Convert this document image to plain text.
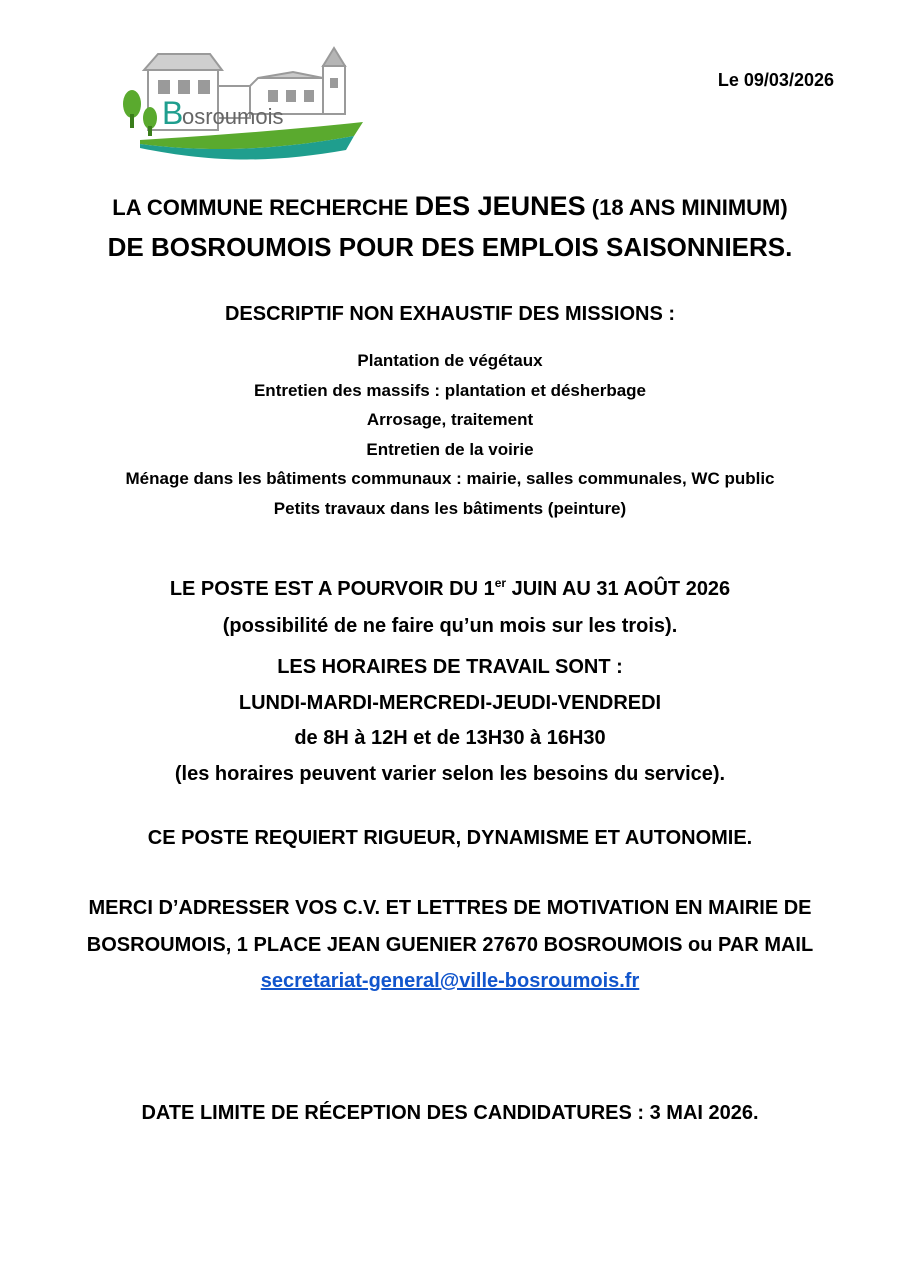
B
osroumois
Le 09/03/2026
LA COMMUNE RECHERCHE DES JEUNES (18 ANS MINIMUM)
DE BOSROUMOIS POUR DES EMPLOIS SAISONNIERS.
DESCRIPTIF NON EXHAUSTIF DES MISSIONS :
Plantation de végétaux
Entretien des massifs : plantation et désherbage
Arrosage, traitement
Entretien de la voirie
Ménage dans les bâtiments communaux : mairie, salles communales, WC public
Petits travaux dans les bâtiments (peinture)
LE POSTE EST A POURVOIR DU 1er JUIN AU 31 AOÛT 2026
(possibilité de ne faire qu’un mois sur les trois).
LES HORAIRES DE TRAVAIL SONT :
LUNDI-MARDI-MERCREDI-JEUDI-VENDREDI
de 8H à 12H et de 13H30 à 16H30
(les horaires peuvent varier selon les besoins du service).
CE POSTE REQUIERT RIGUEUR, DYNAMISME ET AUTONOMIE.
MERCI D’ADRESSER VOS C.V. ET LETTRES DE MOTIVATION EN MAIRIE DE BOSROUMOIS, 1 PLACE JEAN GUENIER 27670 BOSROUMOIS ou PAR MAIL secretariat-general@ville-bosroumois.fr
DATE LIMITE DE RÉCEPTION DES CANDIDATURES : 3 MAI 2026.
